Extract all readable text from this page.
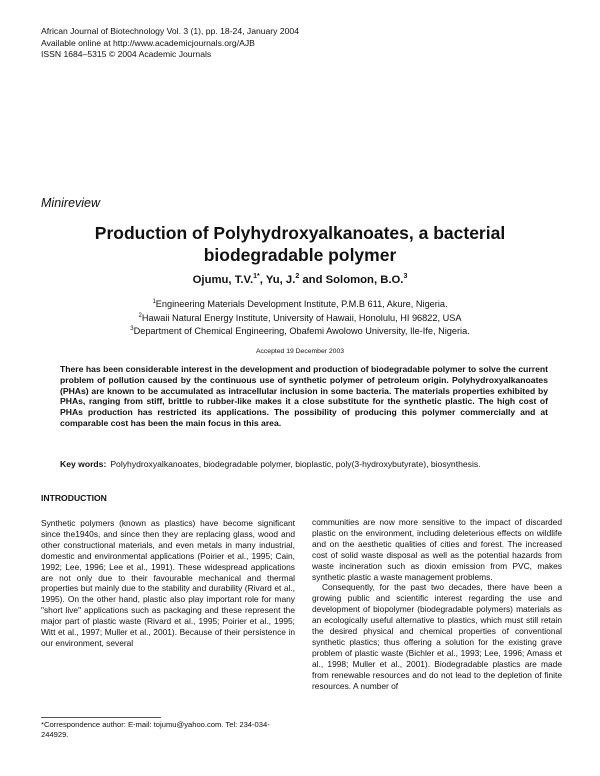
African Journal of Biotechnology Vol. 3 (1), pp. 18-24, January 2004
Available online at http://www.academicjournals.org/AJB
ISSN 1684–5315 © 2004 Academic Journals
Minireview
Production of Polyhydroxyalkanoates, a bacterial biodegradable polymer
Ojumu, T.V.$^{1*}$, Yu, J.$^2$ and Solomon, B.O.$^3$
$^1$Engineering Materials Development Institute, P.M.B 611, Akure, Nigeria.
$^2$Hawaii Natural Energy Institute, University of Hawaii, Honolulu, HI 96822, USA
$^3$Department of Chemical Engineering, Obafemi Awolowo University, Ile-Ife, Nigeria.
Accepted 19 December 2003
There has been considerable interest in the development and production of biodegradable polymer to solve the current problem of pollution caused by the continuous use of synthetic polymer of petroleum origin. Polyhydroxyalkanoates (PHAs) are known to be accumulated as intracellular inclusion in some bacteria. The materials properties exhibited by PHAs, ranging from stiff, brittle to rubber-like makes it a close substitute for the synthetic plastic. The high cost of PHAs production has restricted its applications. The possibility of producing this polymer commercially and at comparable cost has been the main focus in this area.
Key words: Polyhydroxyalkanoates, biodegradable polymer, bioplastic, poly(3-hydroxybutyrate), biosynthesis.
INTRODUCTION

Synthetic polymers (known as plastics) have become significant since the1940s, and since then they are replacing glass, wood and other constructional materials, and even metals in many industrial, domestic and environmental applications (Poirier et al., 1995; Cain, 1992; Lee, 1996; Lee et al., 1991). These widespread applications are not only due to their favourable mechanical and thermal properties but mainly due to the stability and durability (Rivard et al., 1995). On the other hand, plastic also play important role for many "short live" applications such as packaging and these represent the major part of plastic waste (Rivard et al., 1995; Poirier et al., 1995; Witt et al., 1997; Muller et al., 2001). Because of their persistence in our environment, several

communities are now more sensitive to the impact of discarded plastic on the environment, including deleterious effects on wildlife and on the aesthetic qualities of cities and forest. The increased cost of solid waste disposal as well as the potential hazards from waste incineration such as dioxin emission from PVC, makes synthetic plastic a waste management problems.

Consequently, for the past two decades, there have been a growing public and scientific interest regarding the use and development of biopolymer (biodegradable polymers) materials as an ecologically useful alternative to plastics, which must still retain the desired physical and chemical properties of conventional synthetic plastics; thus offering a solution for the existing grave problem of plastic waste (Bichler et al., 1993; Lee, 1996; Amass et al., 1998; Muller et al., 2001). Biodegradable plastics are made from renewable resources and do not lead to the depletion of finite resources. A number of

*Correspondence author: E-mail: tojumu@yahoo.com. Tel: 234-034-244929.
